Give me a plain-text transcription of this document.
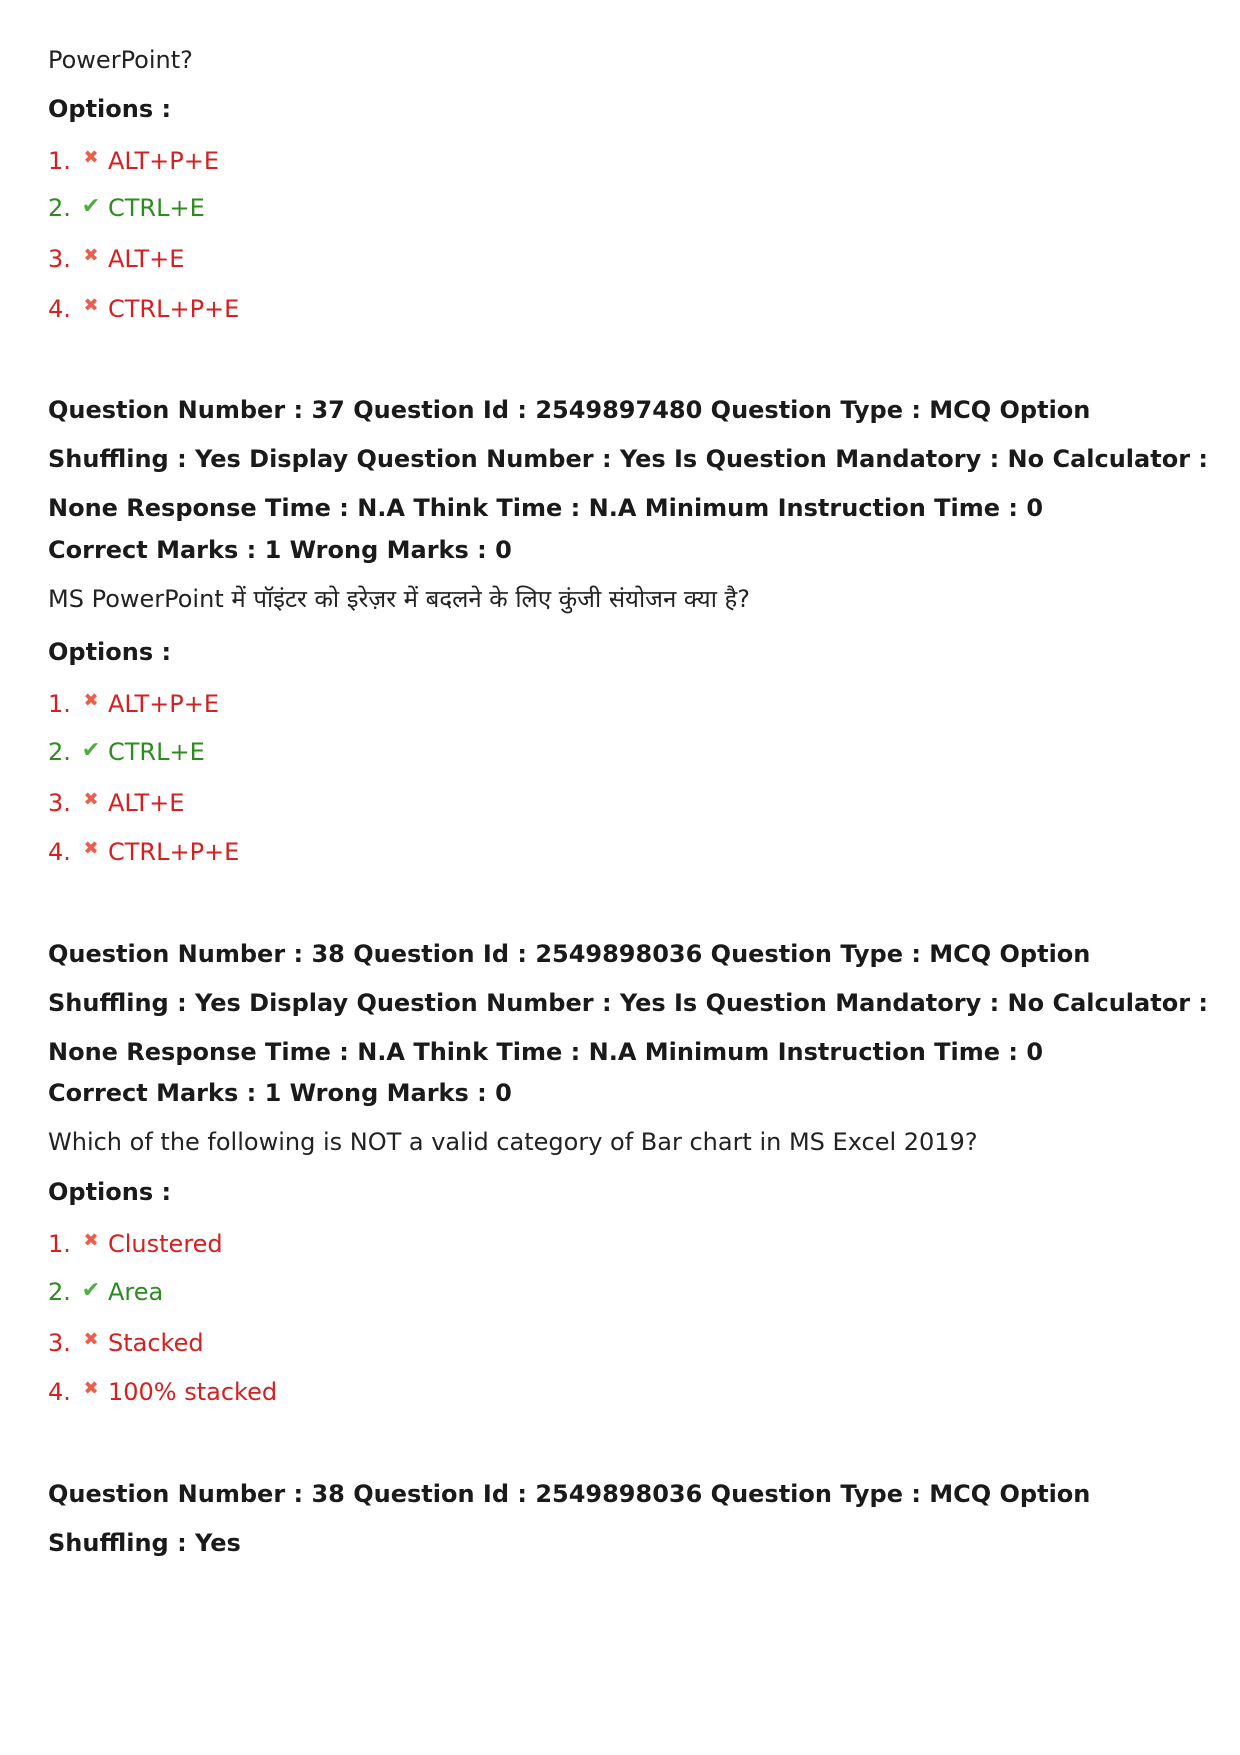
PowerPoint?
Options :
1. ✖ ALT+P+E
2. ✔ CTRL+E
3. ✖ ALT+E
4. ✖ CTRL+P+E
Question Number : 37 Question Id : 2549897480 Question Type : MCQ Option Shuffling : Yes Display Question Number : Yes Is Question Mandatory : No Calculator : None Response Time : N.A Think Time : N.A Minimum Instruction Time : 0
Correct Marks : 1 Wrong Marks : 0
MS PowerPoint में पॉइंटर को इरेज़र में बदलने के लिए कुंजी संयोजन क्या है?
Options :
1. ✖ ALT+P+E
2. ✔ CTRL+E
3. ✖ ALT+E
4. ✖ CTRL+P+E
Question Number : 38 Question Id : 2549898036 Question Type : MCQ Option Shuffling : Yes Display Question Number : Yes Is Question Mandatory : No Calculator : None Response Time : N.A Think Time : N.A Minimum Instruction Time : 0
Correct Marks : 1 Wrong Marks : 0
Which of the following is NOT a valid category of Bar chart in MS Excel 2019?
Options :
1. ✖ Clustered
2. ✔ Area
3. ✖ Stacked
4. ✖ 100% stacked
Question Number : 38 Question Id : 2549898036 Question Type : MCQ Option Shuffling : Yes
